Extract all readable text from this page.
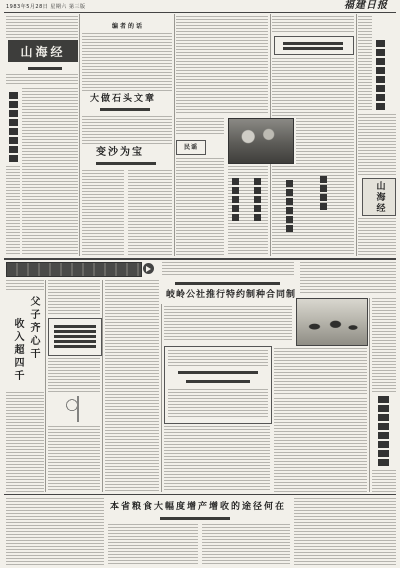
1983年5月28日 星期六 第三版	福建日报
山海经
编者的话
大做石头文章
变沙为宝	民谣
山海经
岐岭公社推行特约制种合同制
父子齐心干
收入超四千
本省粮食大幅度增产增收的途径何在
